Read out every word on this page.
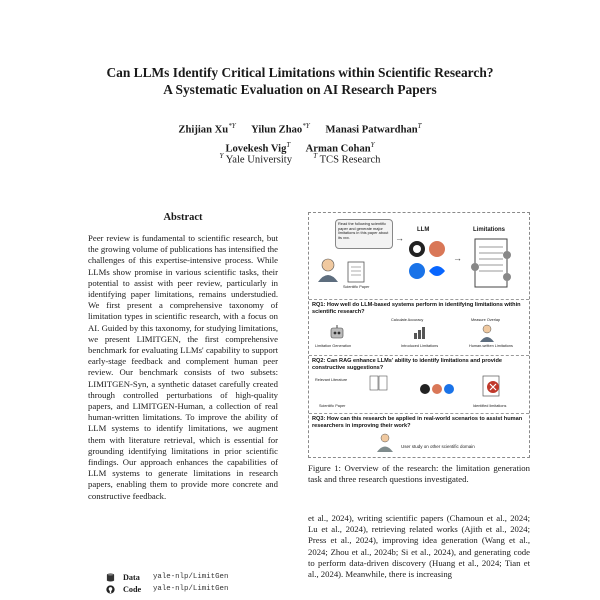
Can LLMs Identify Critical Limitations within Scientific Research?
A Systematic Evaluation on AI Research Papers
Zhijian $Xu^{*Y}$ Yilun Zhao$^{*Y}$ Manasi Patwardhan$^T$
Lovekesh Vig$^T$ Arman Cohan$^Y$
$^Y$ Yale University	$^T$ TCS Research
Abstract
Peer review is fundamental to scientific research, but the growing volume of publications has intensified the challenges of this expertise-intensive process. While LLMs show promise in various scientific tasks, their potential to assist with peer review, particularly in identifying paper limitations, remains understudied. We first present a comprehensive taxonomy of limitation types in scientific research, with a focus on AI. Guided by this taxonomy, for studying limitations, we present LIMITGEN, the first comprehensive benchmark for evaluating LLMs' capability to support early-stage feedback and complement human peer review. Our benchmark consists of two subsets: LIMITGEN-Syn, a synthetic dataset carefully created through controlled perturbations of high-quality papers, and LIMITGEN-Human, a collection of real human-written limitations. To improve the ability of LLM systems to identify limitations, we augment them with literature retrieval, which is essential for grounding identifying limitations in prior scientific findings. Our approach enhances the capabilities of LLM systems to generate limitations in research papers, enabling them to provide more concrete and constructive feedback.
Data	yale-nlp/LimitGen
Code	yale-nlp/LimitGen
Read the following scientific paper and generate major limitations in this paper about its xxx.
Scientific Paper
→
LLM
→
Limitations
RQ1: How well do LLM-based systems perform in identifying limitations within scientific research?
Limitation Generation
Calculate Accuracy
Introduced Limitations
Measure Overlap
Human-written Limitations
RQ2: Can RAG enhance LLMs' ability to identify limitations and provide constructive suggestions?
Relevant Literature
Scientific Paper	Identified limitations
RQ3: How can this research be applied in real-world scenarios to assist human researchers in improving their work?
User study on other scientific domain
Figure 1: Overview of the research: the limitation generation task and three research questions investigated.
et al., 2024), writing scientific papers (Chamoun et al., 2024; Lu et al., 2024), retrieving related works (Ajith et al., 2024; Press et al., 2024), improving idea generation (Wang et al., 2024; Zhou et al., 2024b; Si et al., 2024), and generating code to perform data-driven discovery (Huang et al., 2024; Tian et al., 2024). Meanwhile, there is increasing
